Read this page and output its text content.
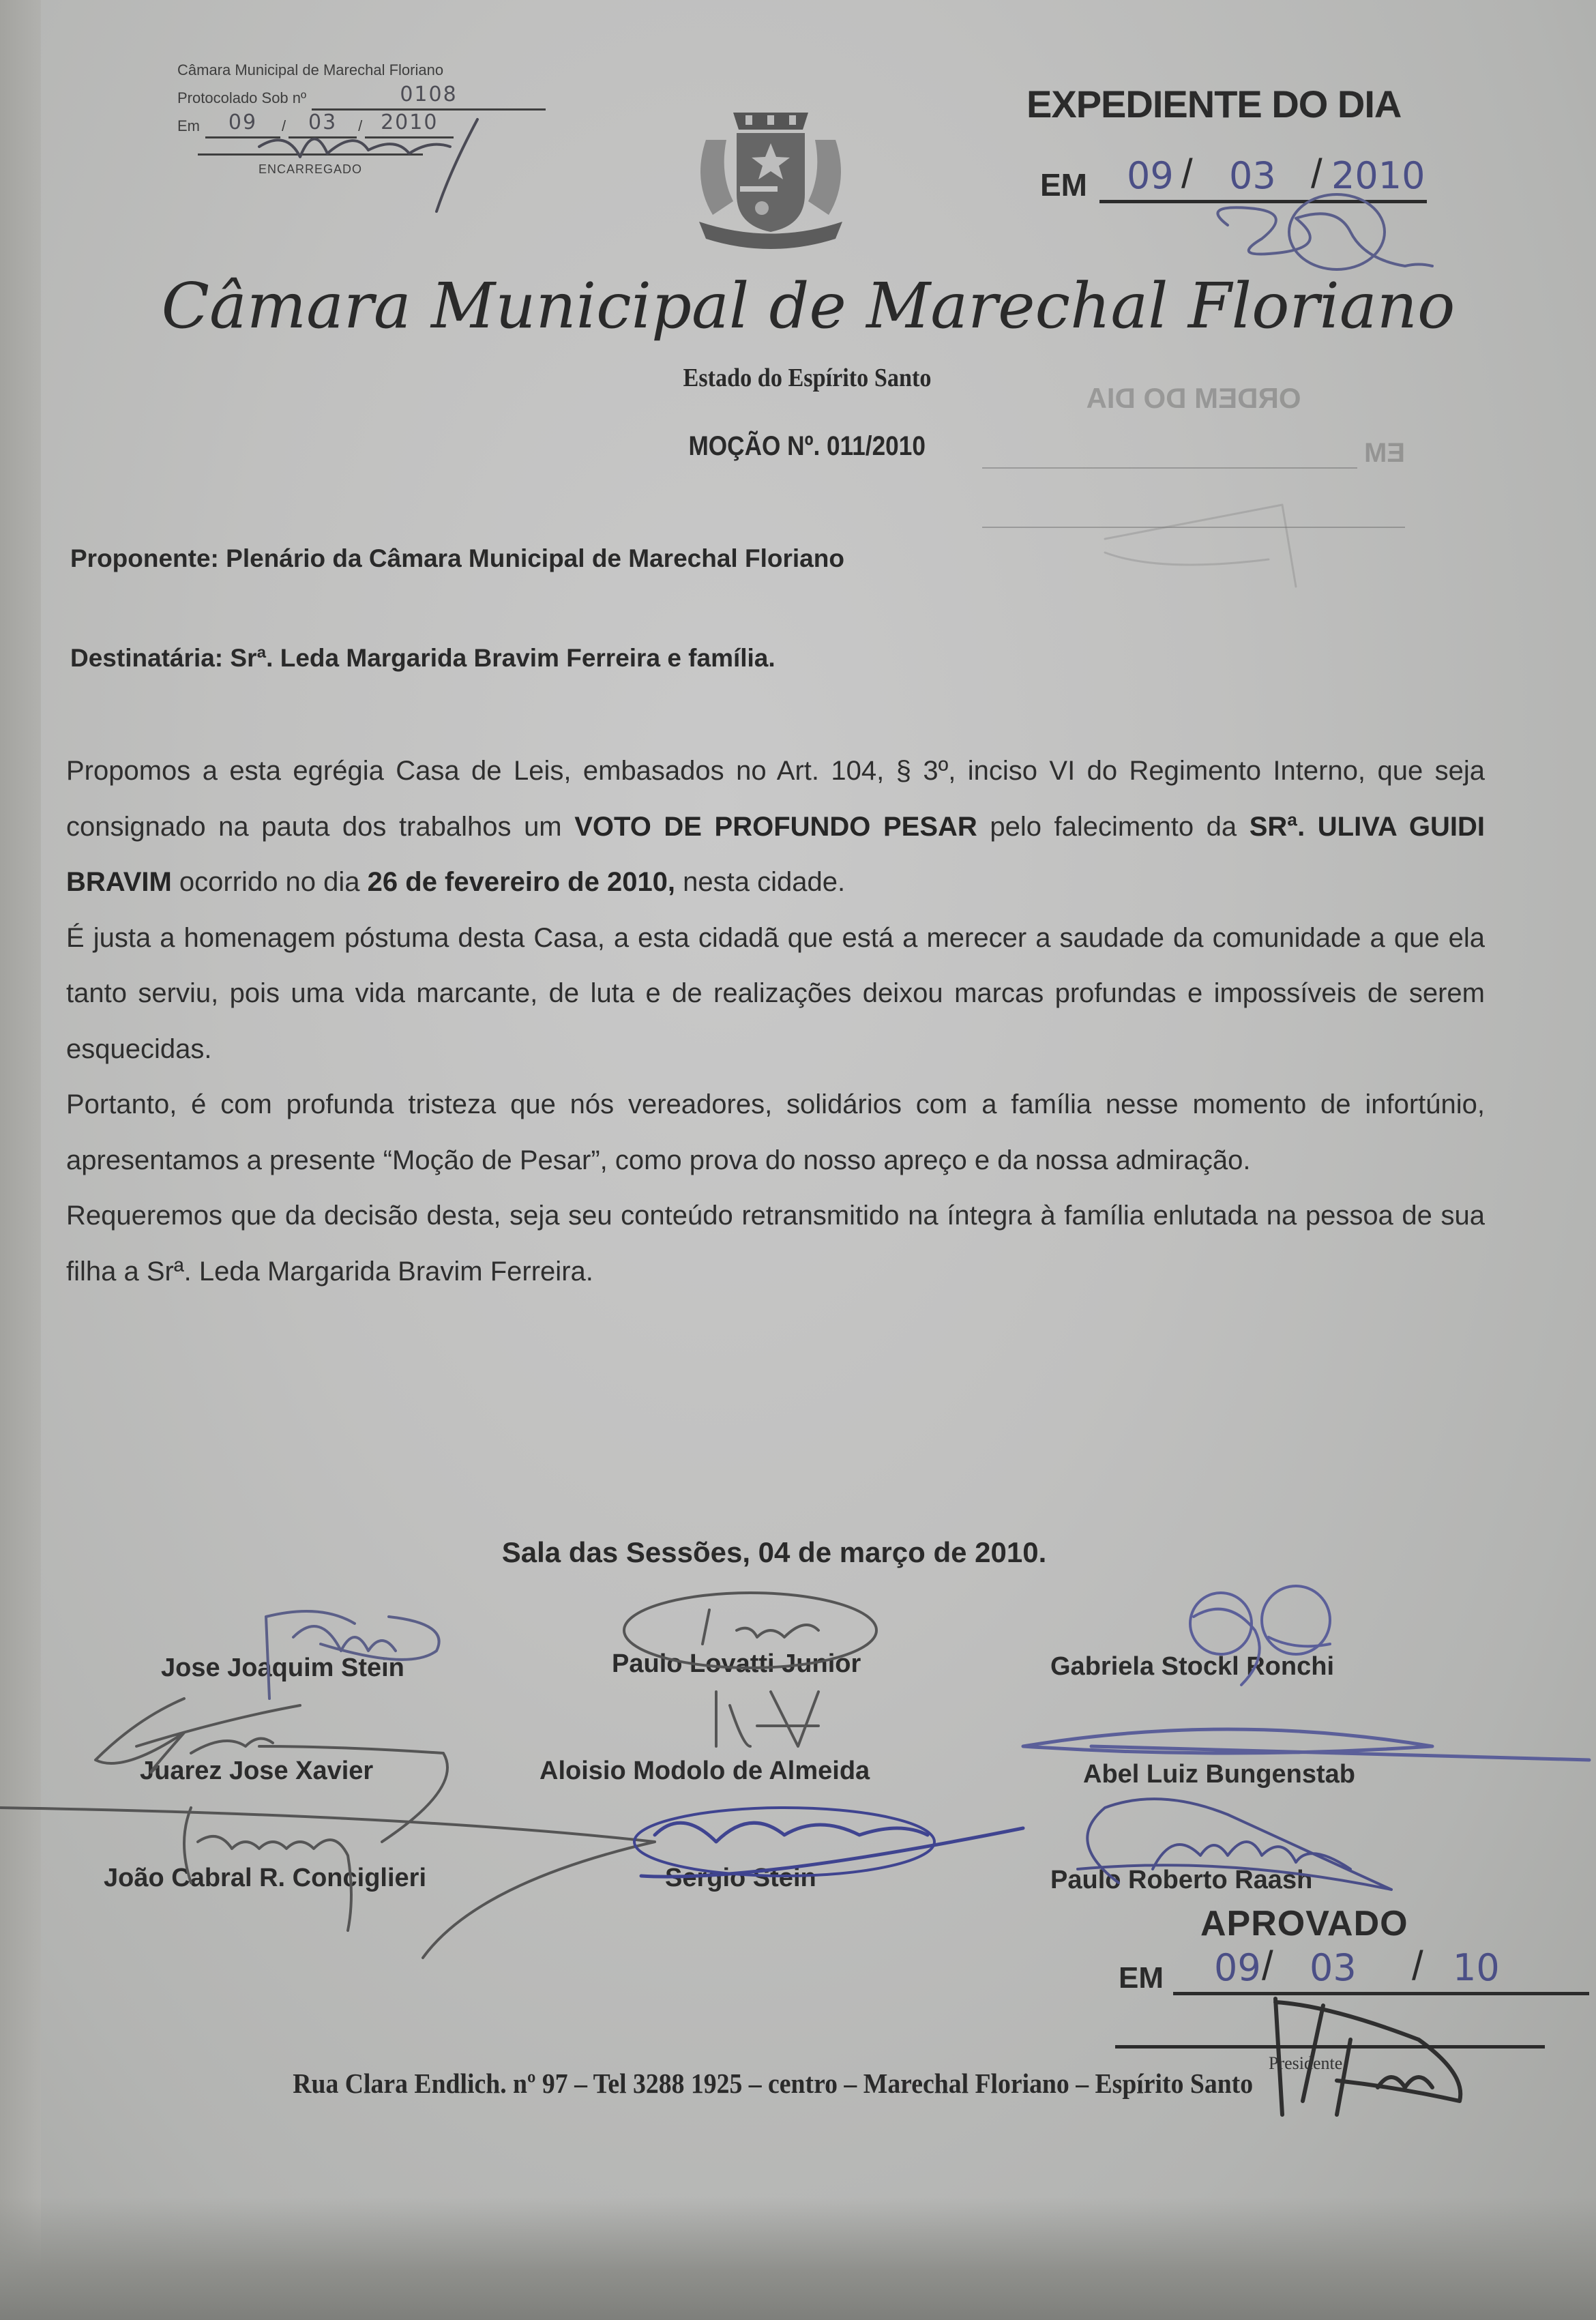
Câmara Municipal de Marechal Floriano
Protocolado Sob nº	0108
Em	09	/	03	/ 2010
ENCARREGADO
EXPEDIENTE DO DIA
EM 09 / 03 / 2010
ORDEM DO DIA
EM
Câmara Municipal de Marechal Floriano
Estado do Espírito Santo
MOÇÃO Nº. 011/2010
Proponente: Plenário da Câmara Municipal de Marechal Floriano
Destinatária: Srª. Leda Margarida Bravim Ferreira e família.

Propomos a esta egrégia Casa de Leis, embasados no Art. 104, § 3º, inciso VI do Regimento Interno, que seja consignado na pauta dos trabalhos um VOTO DE PROFUNDO PESAR pelo falecimento da SRª. ULIVA GUIDI BRAVIM ocorrido no dia 26 de fevereiro de 2010, nesta cidade.

É justa a homenagem póstuma desta Casa, a esta cidadã que está a merecer a saudade da comunidade a que ela tanto serviu, pois uma vida marcante, de luta e de realizações deixou marcas profundas e impossíveis de serem esquecidas.

Portanto, é com profunda tristeza que nós vereadores, solidários com a família nesse momento de infortúnio, apresentamos a presente “Moção de Pesar”, como prova do nosso apreço e da nossa admiração.

Requeremos que da decisão desta, seja seu conteúdo retransmitido na íntegra à família enlutada na pessoa de sua filha a Srª. Leda Margarida Bravim Ferreira.

Sala das Sessões, 04 de março de 2010.
Jose Joaquim Stein	Paulo Lovatti Junior	Gabriela Stockl Ronchi
Juarez Jose Xavier	Aloisio Modolo de Almeida	Abel Luiz Bungenstab
João Cabral R. Conciglieri	Sergio Stein	Paulo Roberto Raash
APROVADO
EM 09 / 03 / 10
Presidente
Rua Clara Endlich. nº 97 – Tel 3288 1925 – centro – Marechal Floriano – Espírito Santo
